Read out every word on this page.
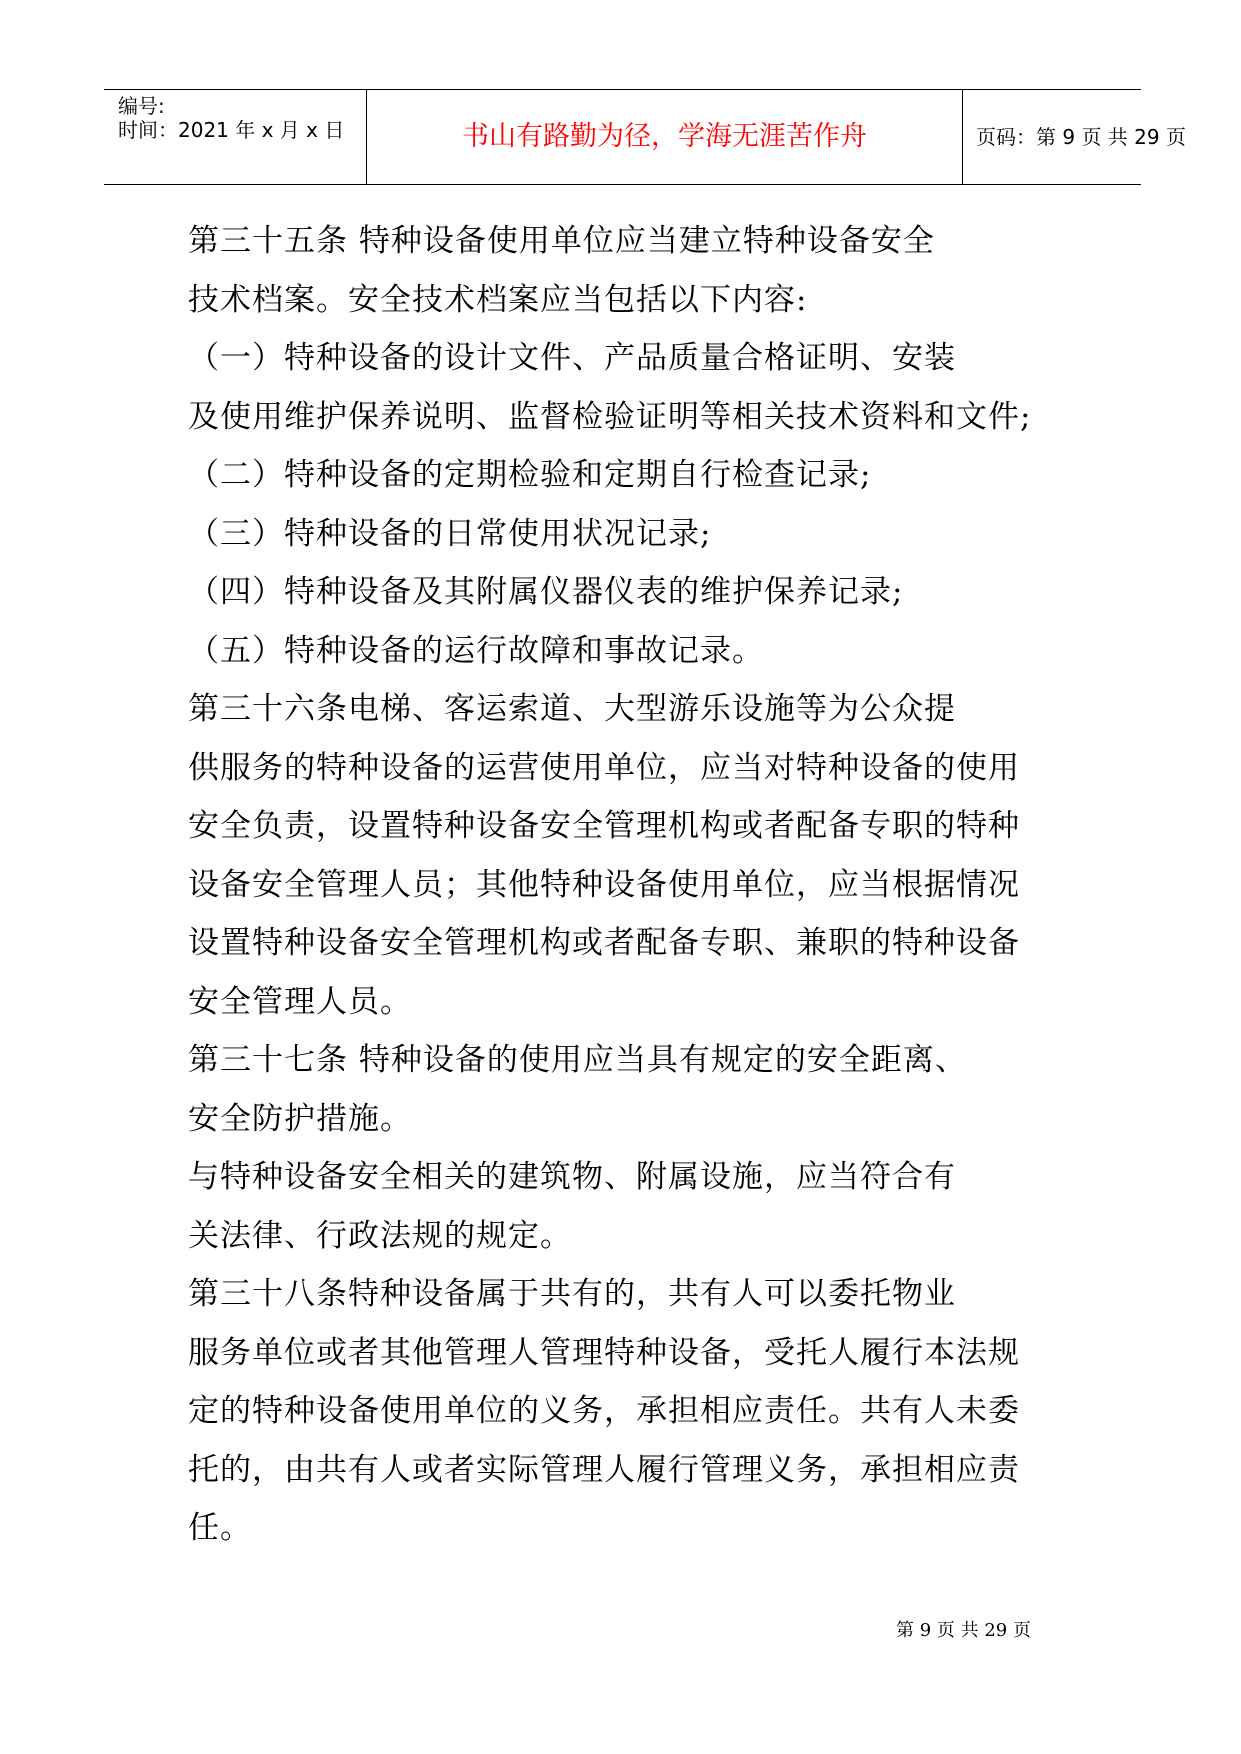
编号:
时间：2021 年 x 月 x 日	书山有路勤为径，学海无涯苦作舟	页码：第 9 页 共 29 页
第三十五条 特种设备使用单位应当建立特种设备安全
技术档案。安全技术档案应当包括以下内容:
（一）特种设备的设计文件、产品质量合格证明、安装
及使用维护保养说明、监督检验证明等相关技术资料和文件;
（二）特种设备的定期检验和定期自行检查记录;
（三）特种设备的日常使用状况记录;
（四）特种设备及其附属仪器仪表的维护保养记录;
（五）特种设备的运行故障和事故记录。
第三十六条电梯、客运索道、大型游乐设施等为公众提
供服务的特种设备的运营使用单位，应当对特种设备的使用
安全负责，设置特种设备安全管理机构或者配备专职的特种
设备安全管理人员；其他特种设备使用单位，应当根据情况
设置特种设备安全管理机构或者配备专职、兼职的特种设备
安全管理人员。
第三十七条 特种设备的使用应当具有规定的安全距离、
安全防护措施。
与特种设备安全相关的建筑物、附属设施，应当符合有
关法律、行政法规的规定。
第三十八条特种设备属于共有的，共有人可以委托物业
服务单位或者其他管理人管理特种设备，受托人履行本法规
定的特种设备使用单位的义务，承担相应责任。共有人未委
托的，由共有人或者实际管理人履行管理义务，承担相应责
任。
第 9 页 共 29 页
